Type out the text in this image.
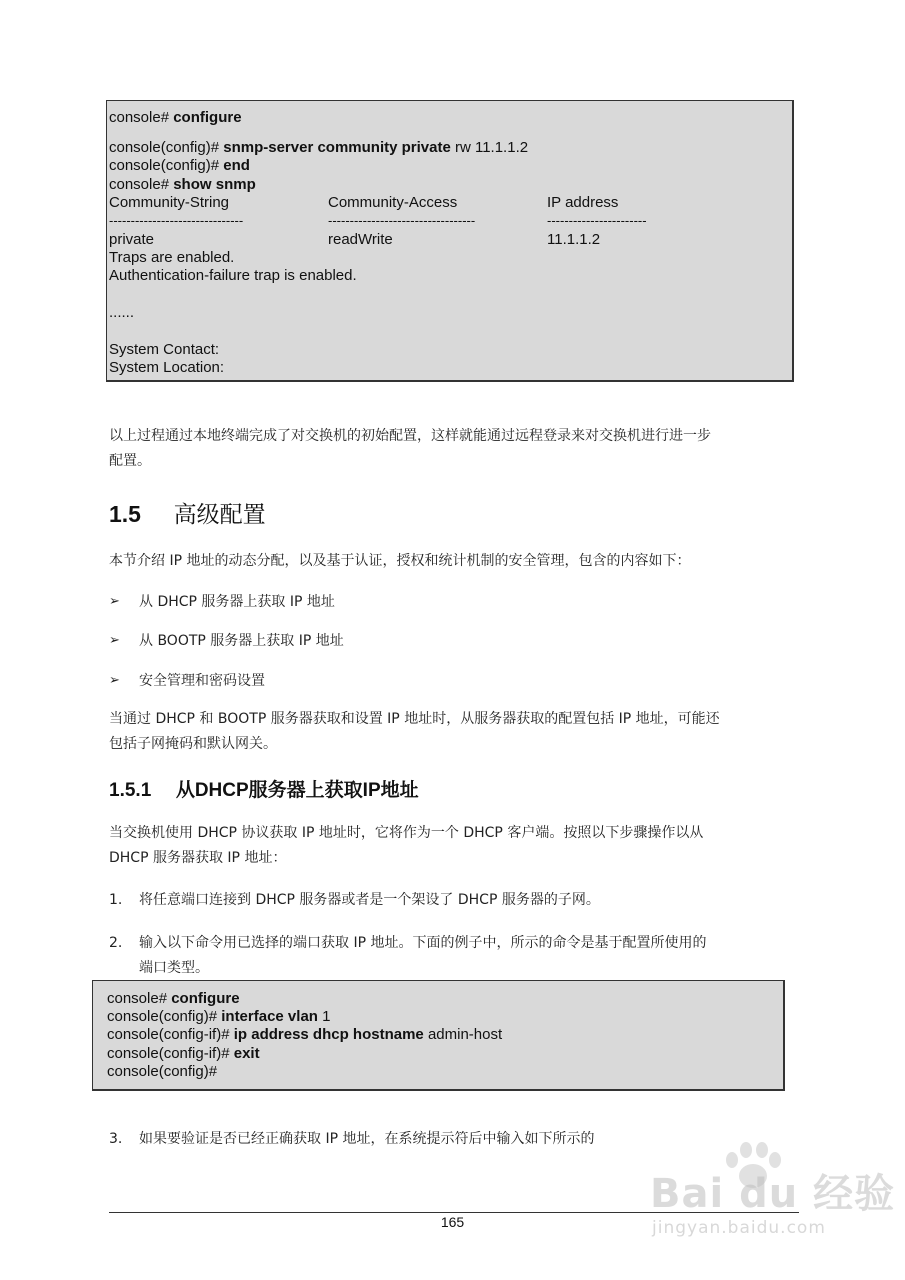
console# configure
console(config)# snmp-server community private rw 11.1.1.2
console(config)# end
console# show snmp
Community-String	Community-Access	IP address
-------------------------------	----------------------------------	-----------------------
private	readWrite	11.1.1.2
Traps are enabled.
Authentication-failure trap is enabled.
......
System Contact:
System Location:
以上过程通过本地终端完成了对交换机的初始配置，这样就能通过远程登录来对交换机进行进一步
配置。
1.5 高级配置
本节介绍 IP 地址的动态分配，以及基于认证，授权和统计机制的安全管理，包含的内容如下：
➢ 从 DHCP 服务器上获取 IP 地址
➢ 从 BOOTP 服务器上获取 IP 地址
➢ 安全管理和密码设置
当通过 DHCP 和 BOOTP 服务器获取和设置 IP 地址时，从服务器获取的配置包括 IP 地址，可能还
包括子网掩码和默认网关。
1.5.1 从DHCP服务器上获取IP地址
当交换机使用 DHCP 协议获取 IP 地址时，它将作为一个 DHCP 客户端。按照以下步骤操作以从
DHCP 服务器获取 IP 地址：
1. 将任意端口连接到 DHCP 服务器或者是一个架设了 DHCP 服务器的子网。
2. 输入以下命令用已选择的端口获取 IP 地址。下面的例子中，所示的命令是基于配置所使用的
端口类型。
console# configure
console(config)# interface vlan 1
console(config-if)# ip address dhcp hostname admin-host
console(config-if)# exit
console(config)#
3. 如果要验证是否已经正确获取 IP 地址，在系统提示符后中输入如下所示的
Bai du 经验
jingyan.baidu.com
165
